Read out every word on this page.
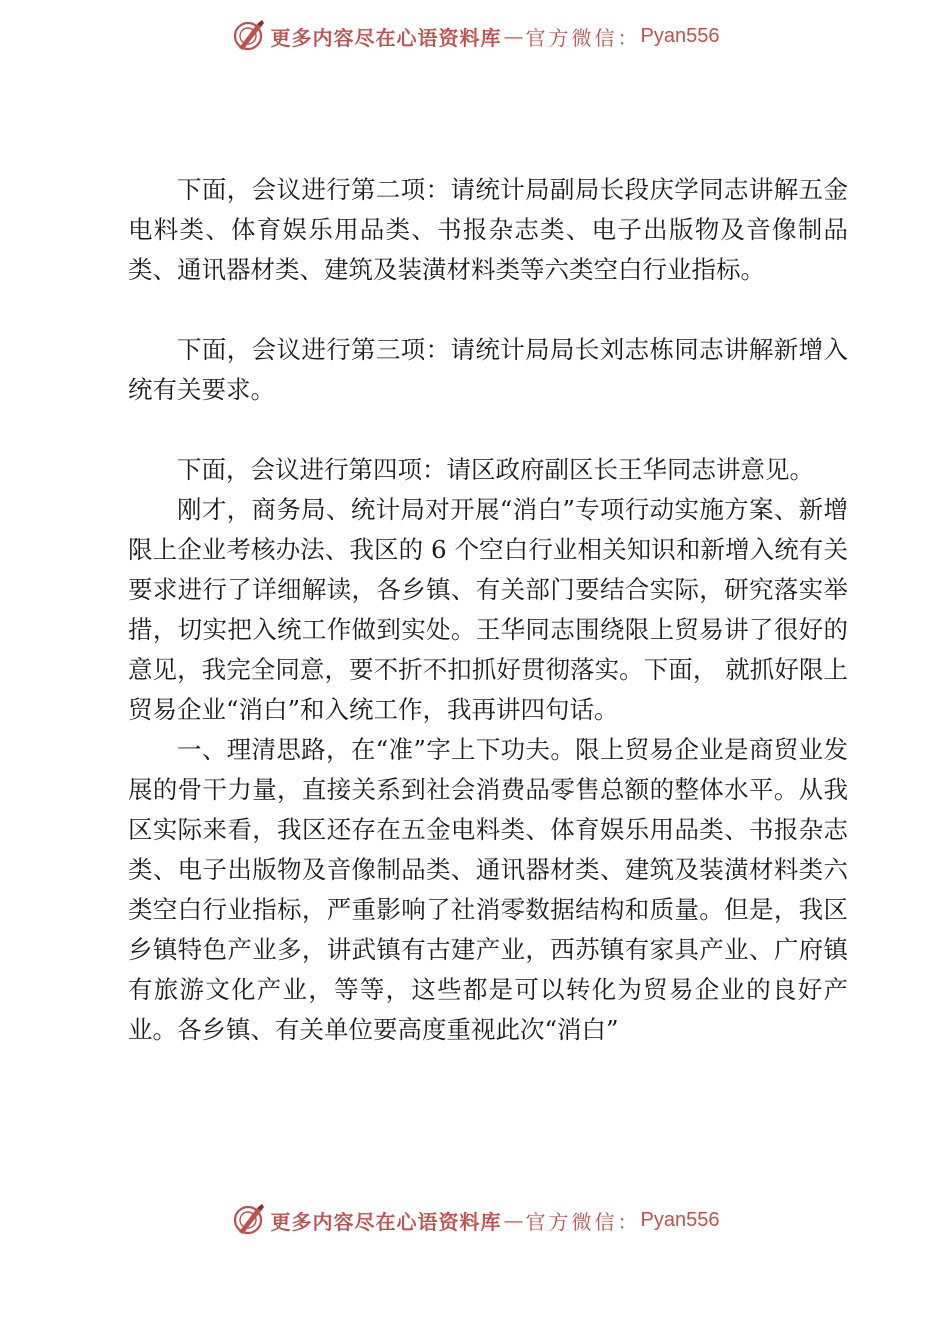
更多内容尽在心语资料库 — 官方微信： Pyan556

下面，会议进行第二项：请统计局副局长段庆学同志讲解五金电料类、体育娱乐用品类、书报杂志类、电子出版物及音像制品类、通讯器材类、建筑及装潢材料类等六类空白行业指标。

下面，会议进行第三项：请统计局局长刘志栋同志讲解新增入统有关要求。

下面，会议进行第四项：请区政府副区长王华同志讲意见。

刚才，商务局、统计局对开展“消白”专项行动实施方案、新增限上企业考核办法、我区的 6 个空白行业相关知识和新增入统有关要求进行了详细解读，各乡镇、有关部门要结合实际，研究落实举措，切实把入统工作做到实处。王华同志围绕限上贸易讲了很好的意见，我完全同意，要不折不扣抓好贯彻落实。下面， 就抓好限上贸易企业“消白”和入统工作，我再讲四句话。

一、理清思路，在“准”字上下功夫。限上贸易企业是商贸业发展的骨干力量，直接关系到社会消费品零售总额的整体水平。从我区实际来看，我区还存在五金电料类、体育娱乐用品类、书报杂志类、电子出版物及音像制品类、通讯器材类、建筑及装潢材料类六类空白行业指标，严重影响了社消零数据结构和质量。但是，我区乡镇特色产业多，讲武镇有古建产业，西苏镇有家具产业、广府镇有旅游文化产业，等等，这些都是可以转化为贸易企业的良好产业。各乡镇、有关单位要高度重视此次“消白”

更多内容尽在心语资料库 — 官方微信： Pyan556
